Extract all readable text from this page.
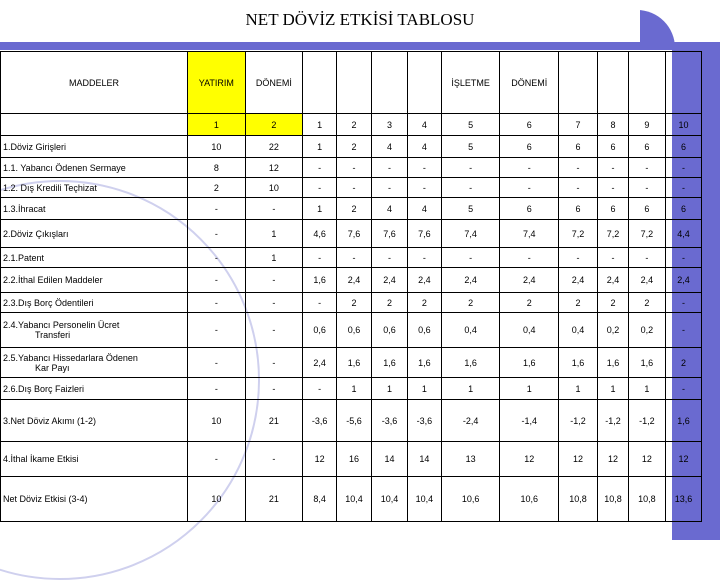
NET DÖVİZ ETKİSİ TABLOSU
MADDELER	YATIRIM	DÖNEMİ					İŞLETME	DÖNEMİ				
	1	2	1	2	3	4	5	6	7	8	9	10
1.Döviz Girişleri	10	22	1	2	4	4	5	6	6	6	6	6
1.1. Yabancı Ödenen Sermaye	8	12	-	-	-	-	-	-	-	-	-	-
1.2. Dış Kredili Teçhizat	2	10	-	-	-	-	-	-	-	-	-	-
1.3.İhracat	-	-	1	2	4	4	5	6	6	6	6	6
2.Döviz Çıkışları	-	1	4,6	7,6	7,6	7,6	7,4	7,4	7,2	7,2	7,2	4,4
2.1.Patent	-	1	-	-	-	-	-	-	-	-	-	-
2.2.İthal Edilen Maddeler	-	-	1,6	2,4	2,4	2,4	2,4	2,4	2,4	2,4	2,4	2,4
2.3.Dış Borç Ödentileri	-	-	-	2	2	2	2	2	2	2	2	-

2.4.Yabancı Personelin Ücret
Transferi	-	-	0,6	0,6	0,6	0,6	0,4	0,4	0,4	0,2	0,2	-

2.5.Yabancı Hissedarlara Ödenen
Kar Payı	-	-	2,4	1,6	1,6	1,6	1,6	1,6	1,6	1,6	1,6	2
2.6.Dış Borç Faizleri	-	-	-	1	1	1	1	1	1	1	1	-
3.Net Döviz Akımı (1-2)	10	21	-3,6	-5,6	-3,6	-3,6	-2,4	-1,4	-1,2	-1,2	-1,2	1,6
4.İthal İkame Etkisi	-	-	12	16	14	14	13	12	12	12	12	12
Net Döviz Etkisi (3-4)	10	21	8,4	10,4	10,4	10,4	10,6	10,6	10,8	10,8	10,8	13,6
